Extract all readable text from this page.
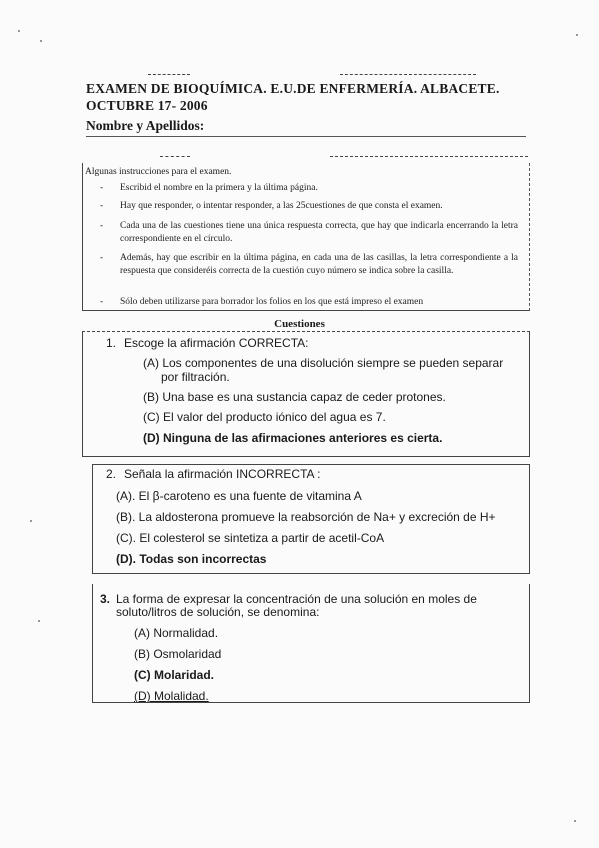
EXAMEN DE BIOQUÍMICA. E.U.DE ENFERMERÍA. ALBACETE.
OCTUBRE 17- 2006
Nombre y Apellidos:
Algunas instrucciones para el examen.
- Escribid el nombre en la primera y la última página.
- Hay que responder, o intentar responder, a las 25cuestiones de que consta el examen.
- Cada una de las cuestiones tiene una única respuesta correcta, que hay que indicarla encerrando la letra correspondiente en el círculo.
- Además, hay que escribir en la última página, en cada una de las casillas, la letra correspondiente a la respuesta que consideréis correcta de la cuestión cuyo número se indica sobre la casilla.
- Sólo deben utilizarse para borrador los folios en los que está impreso el examen
Cuestiones
1. Escoge la afirmación CORRECTA:
(A) Los componentes de una disolución siempre se pueden separar
por filtración.
(B) Una base es una sustancia capaz de ceder protones.
(C) El valor del producto iónico del agua es 7.
(D) Ninguna de las afirmaciones anteriores es cierta.
2. Señala la afirmación INCORRECTA :
(A). El β-caroteno es una fuente de vitamina A
(B). La aldosterona promueve la reabsorción de Na+ y excreción de H+
(C). El colesterol se sintetiza a partir de acetil-CoA
(D). Todas son incorrectas
3. La forma de expresar la concentración de una solución en moles de
soluto/litros de solución, se denomina:
(A) Normalidad.
(B) Osmolaridad
(C) Molaridad.
(D) Molalidad.
